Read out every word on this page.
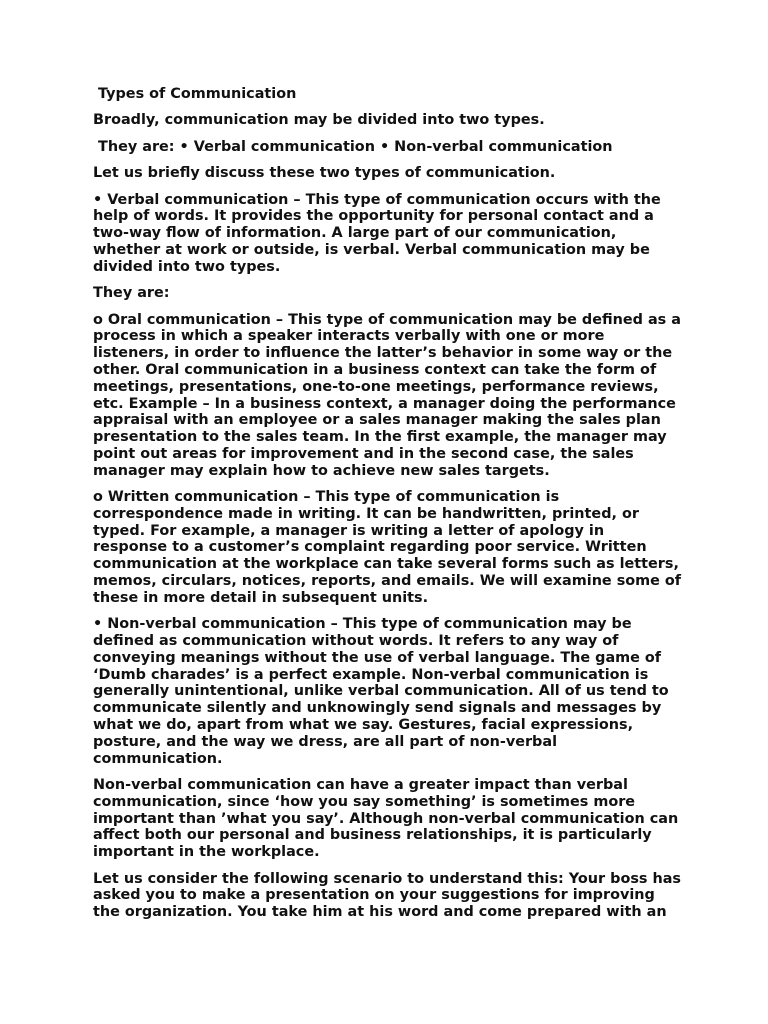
Types of Communication

Broadly, communication may be divided into two types.

They are: • Verbal communication • Non-verbal communication

Let us briefly discuss these two types of communication.

• Verbal communication – This type of communication occurs with the help of words. It provides the opportunity for personal contact and a two-way flow of information. A large part of our communication, whether at work or outside, is verbal. Verbal communication may be divided into two types.

They are:

o Oral communication – This type of communication may be defined as a process in which a speaker interacts verbally with one or more listeners, in order to influence the latter’s behavior in some way or the other. Oral communication in a business context can take the form of meetings, presentations, one-to-one meetings, performance reviews, etc. Example – In a business context, a manager doing the performance appraisal with an employee or a sales manager making the sales plan presentation to the sales team. In the first example, the manager may point out areas for improvement and in the second case, the sales manager may explain how to achieve new sales targets.

o Written communication – This type of communication is correspondence made in writing. It can be handwritten, printed, or typed. For example, a manager is writing a letter of apology in response to a customer’s complaint regarding poor service. Written communication at the workplace can take several forms such as letters, memos, circulars, notices, reports, and emails. We will examine some of these in more detail in subsequent units.

• Non-verbal communication – This type of communication may be defined as communication without words. It refers to any way of conveying meanings without the use of verbal language. The game of ‘Dumb charades’ is a perfect example. Non-verbal communication is generally unintentional, unlike verbal communication. All of us tend to communicate silently and unknowingly send signals and messages by what we do, apart from what we say. Gestures, facial expressions, posture, and the way we dress, are all part of non-verbal communication.

Non-verbal communication can have a greater impact than verbal communication, since ‘how you say something’ is sometimes more important than ’what you say’. Although non-verbal communication can affect both our personal and business relationships, it is particularly important in the workplace.

Let us consider the following scenario to understand this: Your boss has asked you to make a presentation on your suggestions for improving the organization. You take him at his word and come prepared with an
